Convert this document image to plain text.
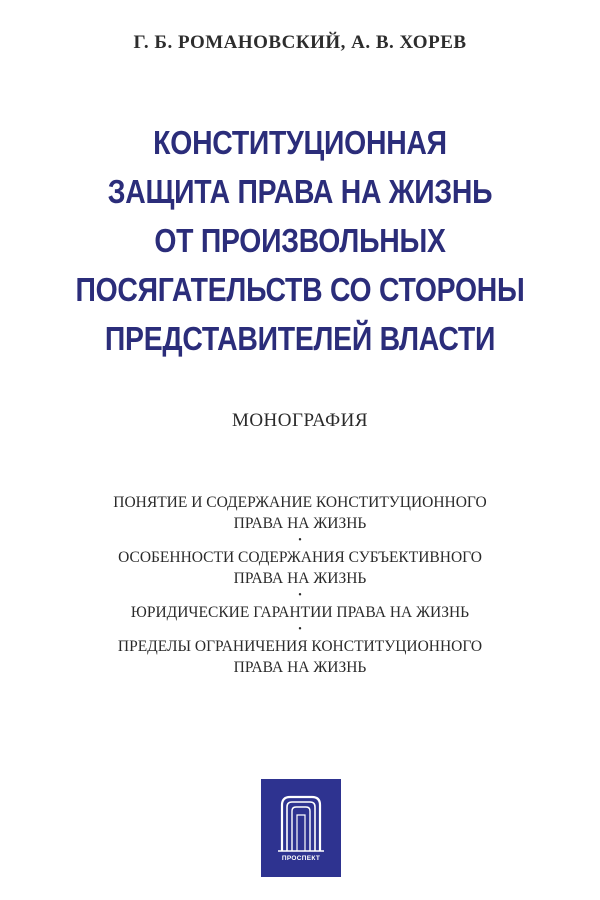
Г. Б. РОМАНОВСКИЙ, А. В. ХОРЕВ
КОНСТИТУЦИОННАЯ
ЗАЩИТА ПРАВА НА ЖИЗНЬ
ОТ ПРОИЗВОЛЬНЫХ
ПОСЯГАТЕЛЬСТВ СО СТОРОНЫ
ПРЕДСТАВИТЕЛЕЙ ВЛАСТИ
МОНОГРАФИЯ
ПОНЯТИЕ И СОДЕРЖАНИЕ КОНСТИТУЦИОННОГО
ПРАВА НА ЖИЗНЬ
•
ОСОБЕННОСТИ СОДЕРЖАНИЯ СУБЪЕКТИВНОГО
ПРАВА НА ЖИЗНЬ
•
ЮРИДИЧЕСКИЕ ГАРАНТИИ ПРАВА НА ЖИЗНЬ
•
ПРЕДЕЛЫ ОГРАНИЧЕНИЯ КОНСТИТУЦИОННОГО
ПРАВА НА ЖИЗНЬ
ПРОСПЕКТ
